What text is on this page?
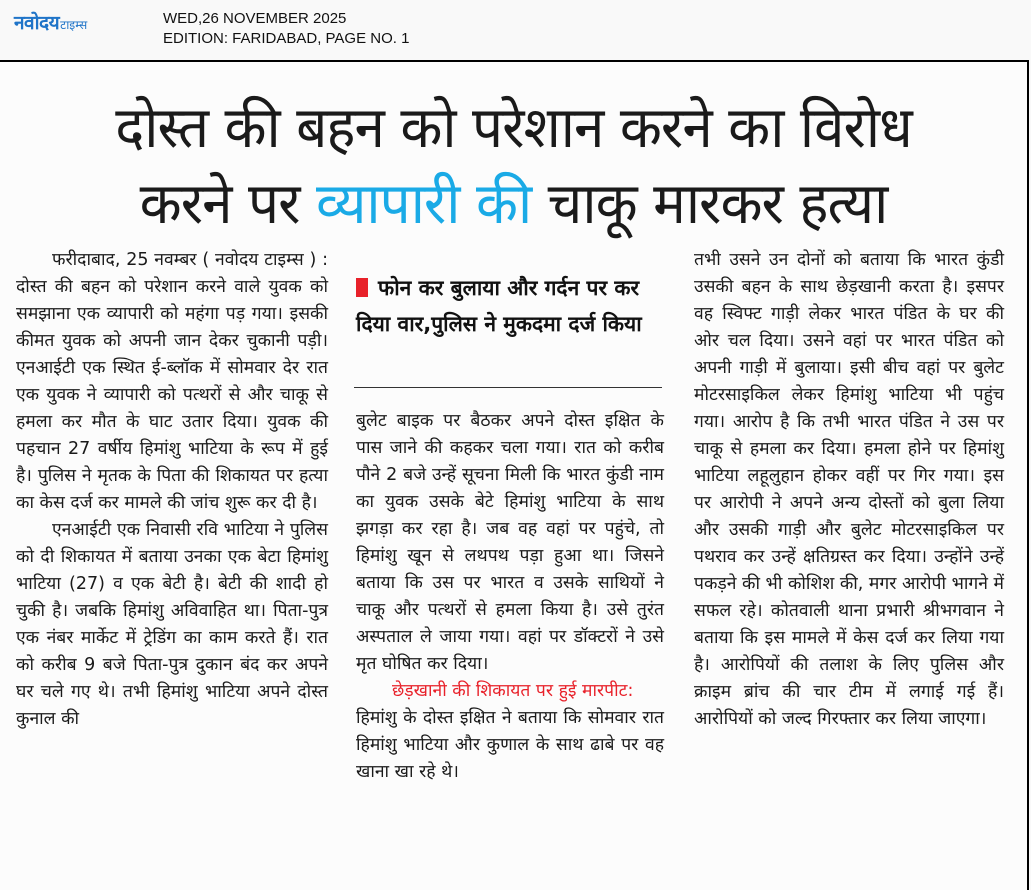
नवोदय टाइम्स	WED,26 NOVEMBER 2025
EDITION: FARIDABAD, PAGE NO. 1
दोस्त की बहन को परेशान करने का विरोध
करने पर व्यापारी की चाकू मारकर हत्या

फरीदाबाद, 25 नवम्बर ( नवोदय टाइम्स ) : दोस्त की बहन को परेशान करने वाले युवक को समझाना एक व्यापारी को महंगा पड़ गया। इसकी कीमत युवक को अपनी जान देकर चुकानी पड़ी। एनआईटी एक स्थित ई-ब्लॉक में सोमवार देर रात एक युवक ने व्यापारी को पत्थरों से और चाकू से हमला कर मौत के घाट उतार दिया। युवक की पहचान 27 वर्षीय हिमांशु भाटिया के रूप में हुई है। पुलिस ने मृतक के पिता की शिकायत पर हत्या का केस दर्ज कर मामले की जांच शुरू कर दी है।

एनआईटी एक निवासी रवि भाटिया ने पुलिस को दी शिकायत में बताया उनका एक बेटा हिमांशु भाटिया (27) व एक बेटी है। बेटी की शादी हो चुकी है। जबकि हिमांशु अविवाहित था। पिता-पुत्र एक नंबर मार्केट में ट्रेडिंग का काम करते हैं। रात को करीब 9 बजे पिता-पुत्र दुकान बंद कर अपने घर चले गए थे। तभी हिमांशु भाटिया अपने दोस्त कुनाल की

फोन कर बुलाया और गर्दन पर कर दिया वार,पुलिस ने मुकदमा दर्ज किया

बुलेट बाइक पर बैठकर अपने दोस्त इक्षित के पास जाने की कहकर चला गया। रात को करीब पौने 2 बजे उन्हें सूचना मिली कि भारत कुंडी नाम का युवक उसके बेटे हिमांशु भाटिया के साथ झगड़ा कर रहा है। जब वह वहां पर पहुंचे, तो हिमांशु खून से लथपथ पड़ा हुआ था। जिसने बताया कि उस पर भारत व उसके साथियों ने चाकू और पत्थरों से हमला किया है। उसे तुरंत अस्पताल ले जाया गया। वहां पर डॉक्टरों ने उसे मृत घोषित कर दिया।

छेड़खानी की शिकायत पर हुई मारपीट:

हिमांशु के दोस्त इक्षित ने बताया कि सोमवार रात हिमांशु भाटिया और कुणाल के साथ ढाबे पर वह खाना खा रहे थे।

तभी उसने उन दोनों को बताया कि भारत कुंडी उसकी बहन के साथ छेड़खानी करता है। इसपर वह स्विफ्ट गाड़ी लेकर भारत पंडित के घर की ओर चल दिया। उसने वहां पर भारत पंडित को अपनी गाड़ी में बुलाया। इसी बीच वहां पर बुलेट मोटरसाइकिल लेकर हिमांशु भाटिया भी पहुंच गया। आरोप है कि तभी भारत पंडित ने उस पर चाकू से हमला कर दिया। हमला होने पर हिमांशु भाटिया लहूलुहान होकर वहीं पर गिर गया। इस पर आरोपी ने अपने अन्य दोस्तों को बुला लिया और उसकी गाड़ी और बुलेट मोटरसाइकिल पर पथराव कर उन्हें क्षतिग्रस्त कर दिया। उन्होंने उन्हें पकड़ने की भी कोशिश की, मगर आरोपी भागने में सफल रहे। कोतवाली थाना प्रभारी श्रीभगवान ने बताया कि इस मामले में केस दर्ज कर लिया गया है। आरोपियों की तलाश के लिए पुलिस और क्राइम ब्रांच की चार टीम में लगाई गई हैं। आरोपियों को जल्द गिरफ्तार कर लिया जाएगा।
